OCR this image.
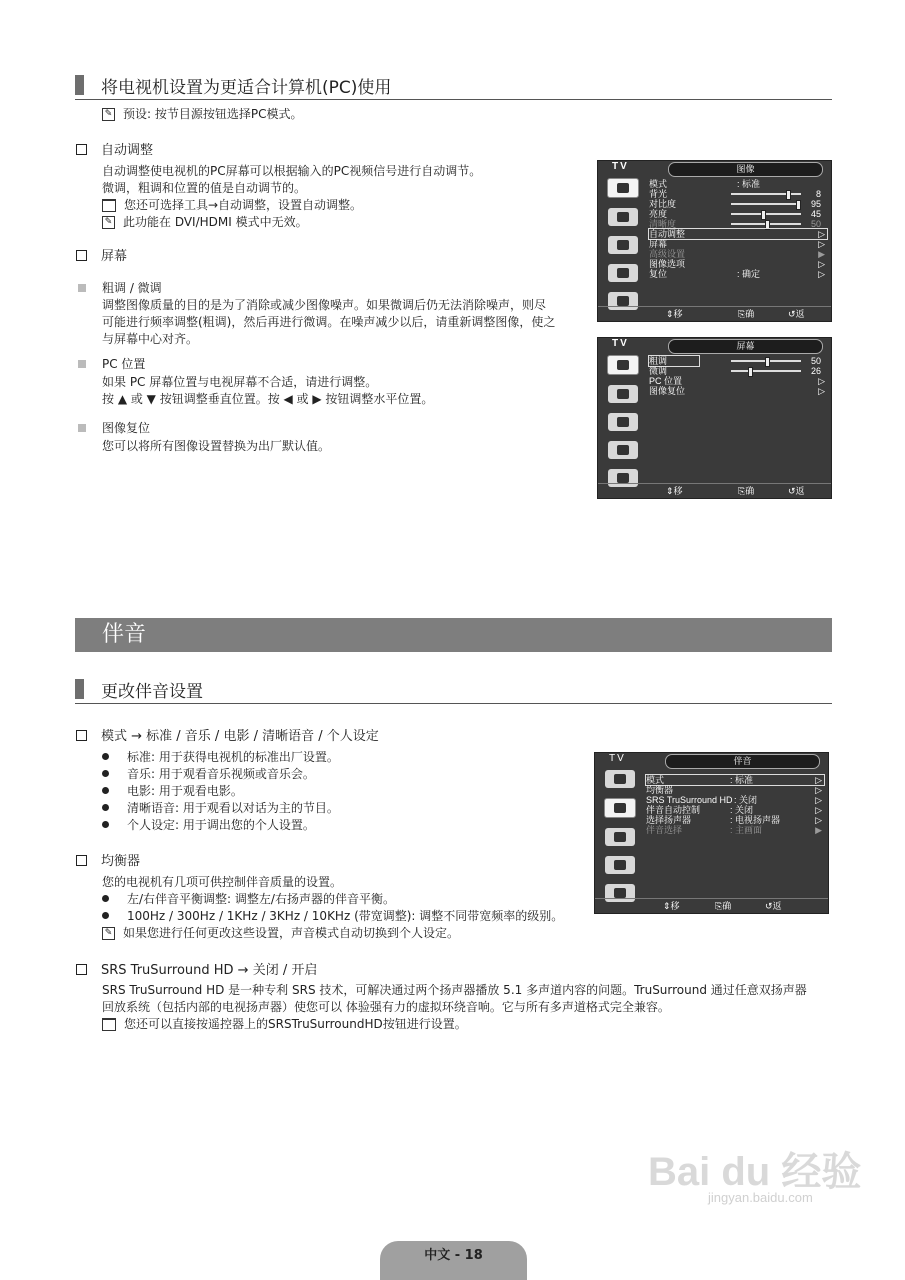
将电视机设置为更适合计算机(PC)使用
✎ 预设: 按节目源按钮选择PC模式。
自动调整
自动调整使电视机的PC屏幕可以根据输入的PC视频信号进行自动调节。
微调，粗调和位置的值是自动调节的。
您还可选择工具→自动调整，设置自动调整。
✎ 此功能在 DVI/HDMI 模式中无效。
屏幕
粗调 / 微调
调整图像质量的目的是为了消除或减少图像噪声。如果微调后仍无法消除噪声，则尽
可能进行频率调整(粗调)，然后再进行微调。在噪声减少以后，请重新调整图像，使之
与屏幕中心对齐。
PC 位置
如果 PC 屏幕位置与电视屏幕不合适，请进行调整。
按 ▲ 或 ▼ 按钮调整垂直位置。按 ◀ 或 ▶ 按钮调整水平位置。
图像复位
您可以将所有图像设置替换为出厂默认值。
TV	图像
模式	: 标准
背光	8
对比度	95
亮度	45
清晰度	50
自动调整	▷
屏幕	▷
高级设置	▶
图像选项	▷
复位	: 确定	▷
⇕ 移动
⎘ 确认
↺ 返回
TV	屏幕
粗调	50
微调	26
PC 位置	▷
图像复位	▷
⇕ 移动
⎘ 确认
↺ 返回
伴音
更改伴音设置
模式 → 标准 / 音乐 / 电影 / 清晰语音 / 个人设定
标准: 用于获得电视机的标准出厂设置。
音乐: 用于观看音乐视频或音乐会。
电影: 用于观看电影。
清晰语音: 用于观看以对话为主的节目。
个人设定: 用于调出您的个人设置。
均衡器
您的电视机有几项可供控制伴音质量的设置。
左/右伴音平衡调整: 调整左/右扬声器的伴音平衡。
100Hz / 300Hz / 1KHz / 3KHz / 10KHz (带宽调整): 调整不同带宽频率的级别。
✎ 如果您进行任何更改这些设置，声音模式自动切换到个人设定。
TV	伴音
模式	: 标准	▷
均衡器	▷
SRS TruSurround HD : 关闭	▷
伴音自动控制	: 关闭	▷
选择扬声器	: 电视扬声器	▷
伴音选择	: 主画面	▶
⇕ 移动
⎘ 确认
↺ 返回
SRS TruSurround HD → 关闭 / 开启
SRS TruSurround HD 是一种专利 SRS 技术，可解决通过两个扬声器播放 5.1 多声道内容的问题。TruSurround 通过任意双扬声器
回放系统（包括内部的电视扬声器）使您可以 体验强有力的虚拟环绕音响。它与所有多声道格式完全兼容。
您还可以直接按遥控器上的SRSTruSurroundHD按钮进行设置。
Bai du 经验
jingyan.baidu.com
中文 - 18
